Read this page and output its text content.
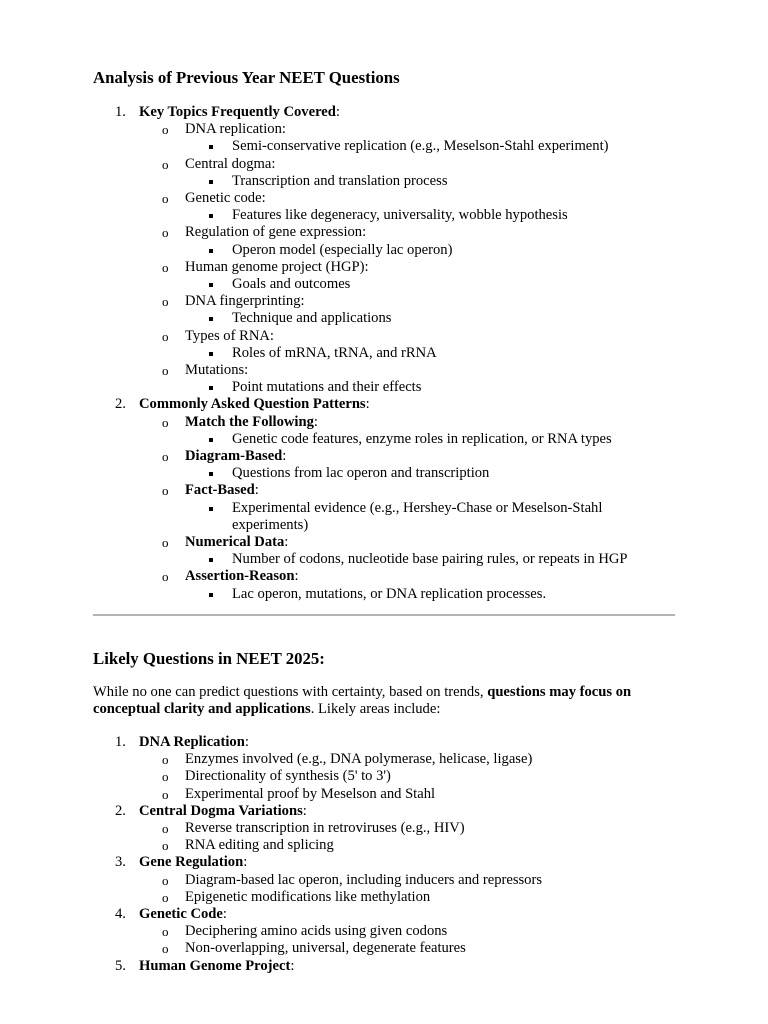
Analysis of Previous Year NEET Questions
1. Key Topics Frequently Covered:
o DNA replication:
Semi-conservative replication (e.g., Meselson-Stahl experiment)
o Central dogma:
Transcription and translation process
o Genetic code:
Features like degeneracy, universality, wobble hypothesis
o Regulation of gene expression:
Operon model (especially lac operon)
o Human genome project (HGP):
Goals and outcomes
o DNA fingerprinting:
Technique and applications
o Types of RNA:
Roles of mRNA, tRNA, and rRNA
o Mutations:
Point mutations and their effects
2. Commonly Asked Question Patterns:
o Match the Following:
Genetic code features, enzyme roles in replication, or RNA types
o Diagram-Based:
Questions from lac operon and transcription
o Fact-Based:
Experimental evidence (e.g., Hershey-Chase or Meselson-Stahl experiments)
o Numerical Data:
Number of codons, nucleotide base pairing rules, or repeats in HGP
o Assertion-Reason:
Lac operon, mutations, or DNA replication processes.
Likely Questions in NEET 2025:

While no one can predict questions with certainty, based on trends, questions may focus on conceptual clarity and applications. Likely areas include:

1. DNA Replication:
o Enzymes involved (e.g., DNA polymerase, helicase, ligase)
o Directionality of synthesis (5' to 3')
o Experimental proof by Meselson and Stahl
2. Central Dogma Variations:
o Reverse transcription in retroviruses (e.g., HIV)
o RNA editing and splicing
3. Gene Regulation:
o Diagram-based lac operon, including inducers and repressors
o Epigenetic modifications like methylation
4. Genetic Code:
o Deciphering amino acids using given codons
o Non-overlapping, universal, degenerate features
5. Human Genome Project:
